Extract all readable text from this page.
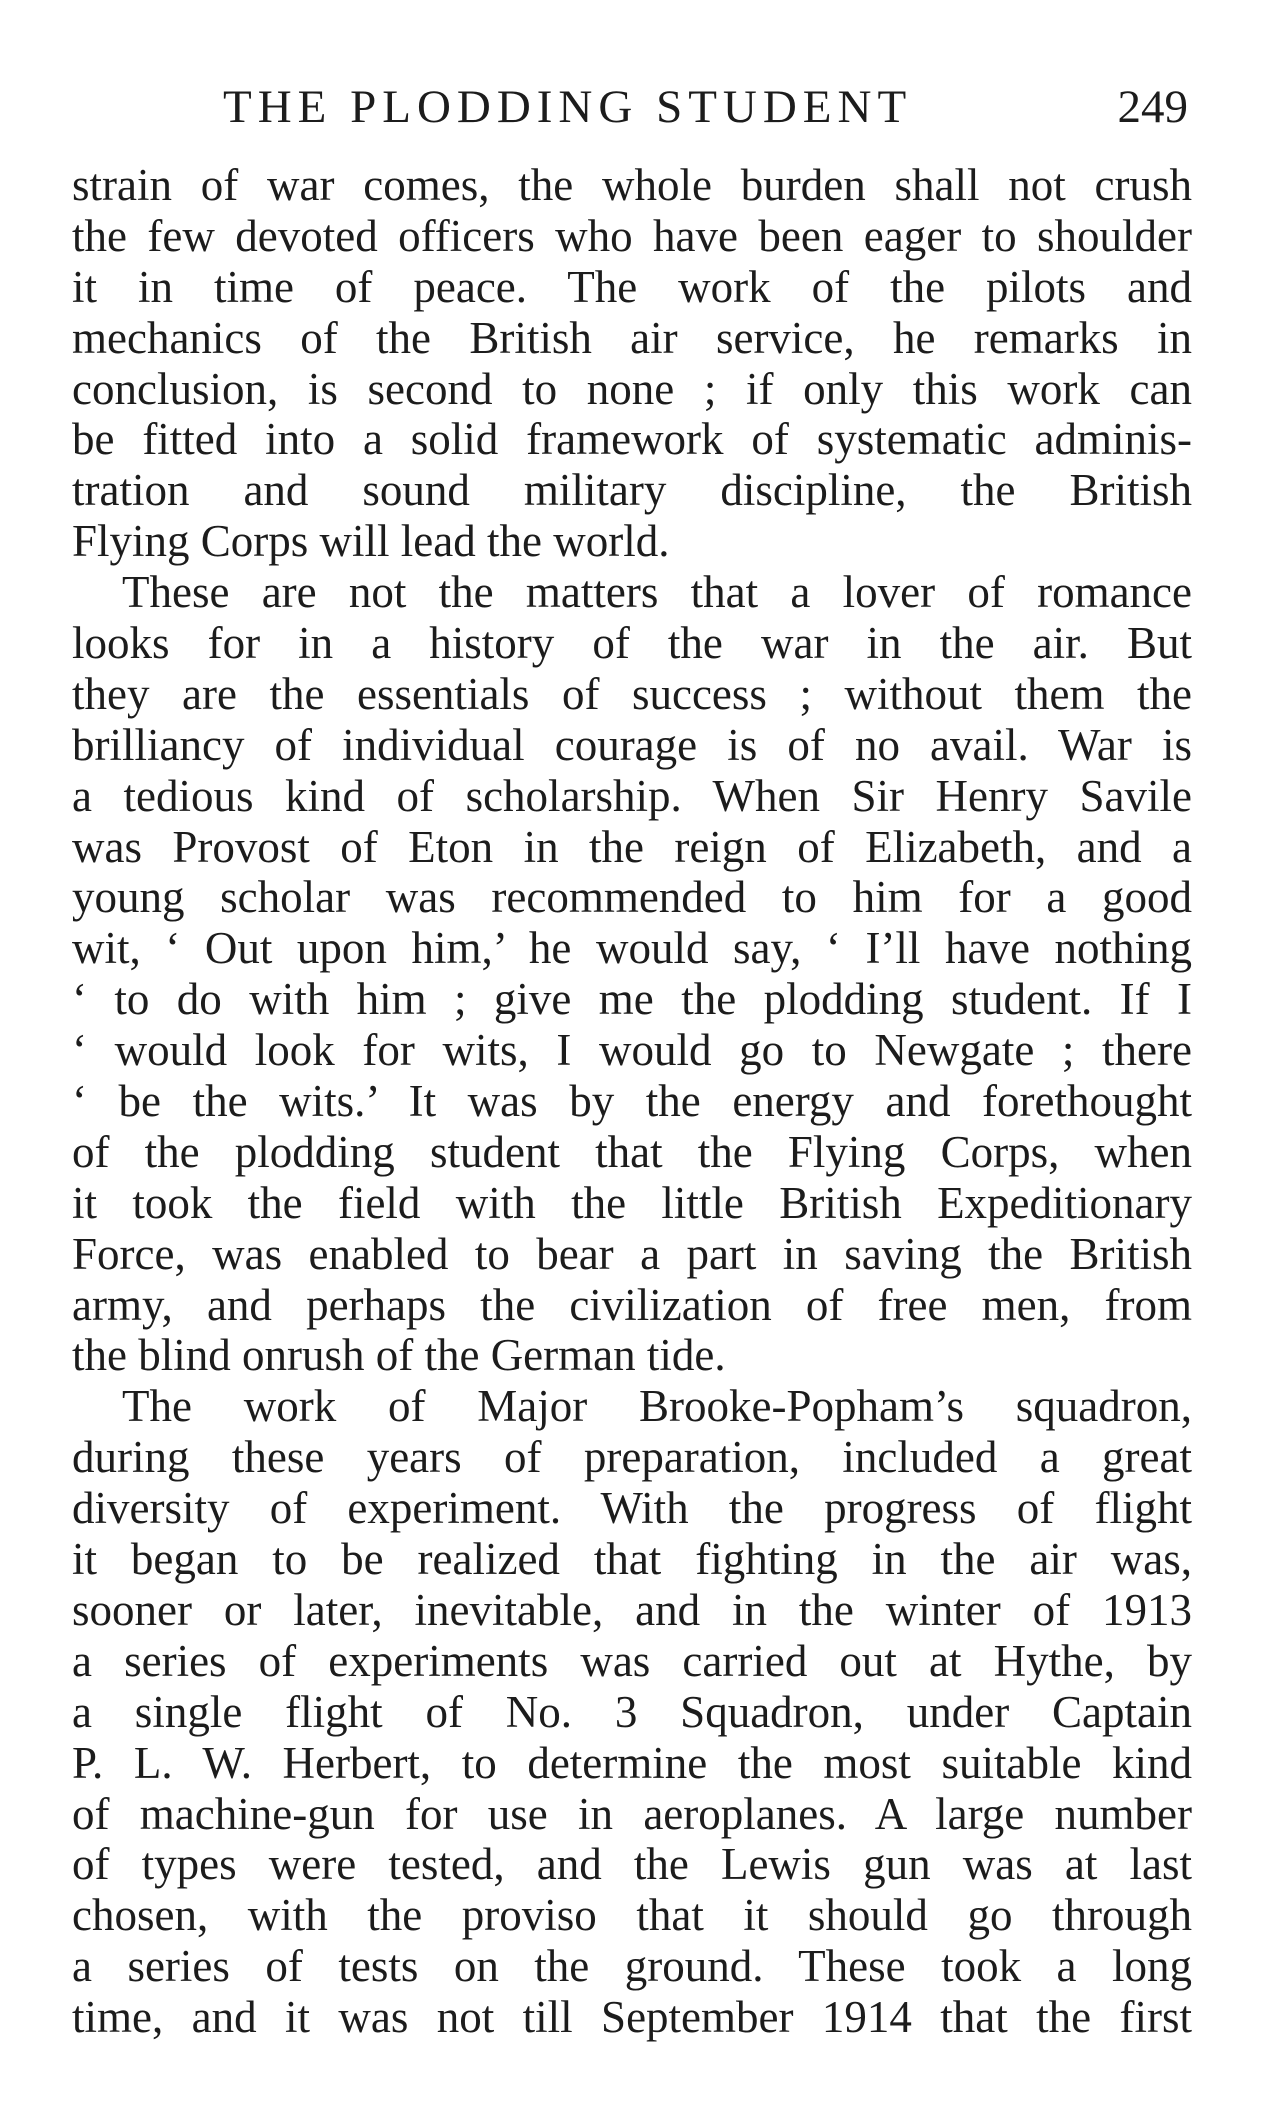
THE PLODDING STUDENT	249
strain of war comes, the whole burden shall not crush
the few devoted officers who have been eager to shoulder
it in time of peace. The work of the pilots and
mechanics of the British air service, he remarks in
conclusion, is second to none ; if only this work can
be fitted into a solid framework of systematic adminis-
tration and sound military discipline, the British
Flying Corps will lead the world.
These are not the matters that a lover of romance
looks for in a history of the war in the air. But
they are the essentials of success ; without them the
brilliancy of individual courage is of no avail. War is
a tedious kind of scholarship. When Sir Henry Savile
was Provost of Eton in the reign of Elizabeth, and a
young scholar was recommended to him for a good
wit, ‘ Out upon him,’ he would say, ‘ I’ll have nothing
‘ to do with him ; give me the plodding student. If I
‘ would look for wits, I would go to Newgate ; there
‘ be the wits.’ It was by the energy and forethought
of the plodding student that the Flying Corps, when
it took the field with the little British Expeditionary
Force, was enabled to bear a part in saving the British
army, and perhaps the civilization of free men, from
the blind onrush of the German tide.
The work of Major Brooke-Popham’s squadron,
during these years of preparation, included a great
diversity of experiment. With the progress of flight
it began to be realized that fighting in the air was,
sooner or later, inevitable, and in the winter of 1913
a series of experiments was carried out at Hythe, by
a single flight of No. 3 Squadron, under Captain
P. L. W. Herbert, to determine the most suitable kind
of machine-gun for use in aeroplanes. A large number
of types were tested, and the Lewis gun was at last
chosen, with the proviso that it should go through
a series of tests on the ground. These took a long
time, and it was not till September 1914 that the first
